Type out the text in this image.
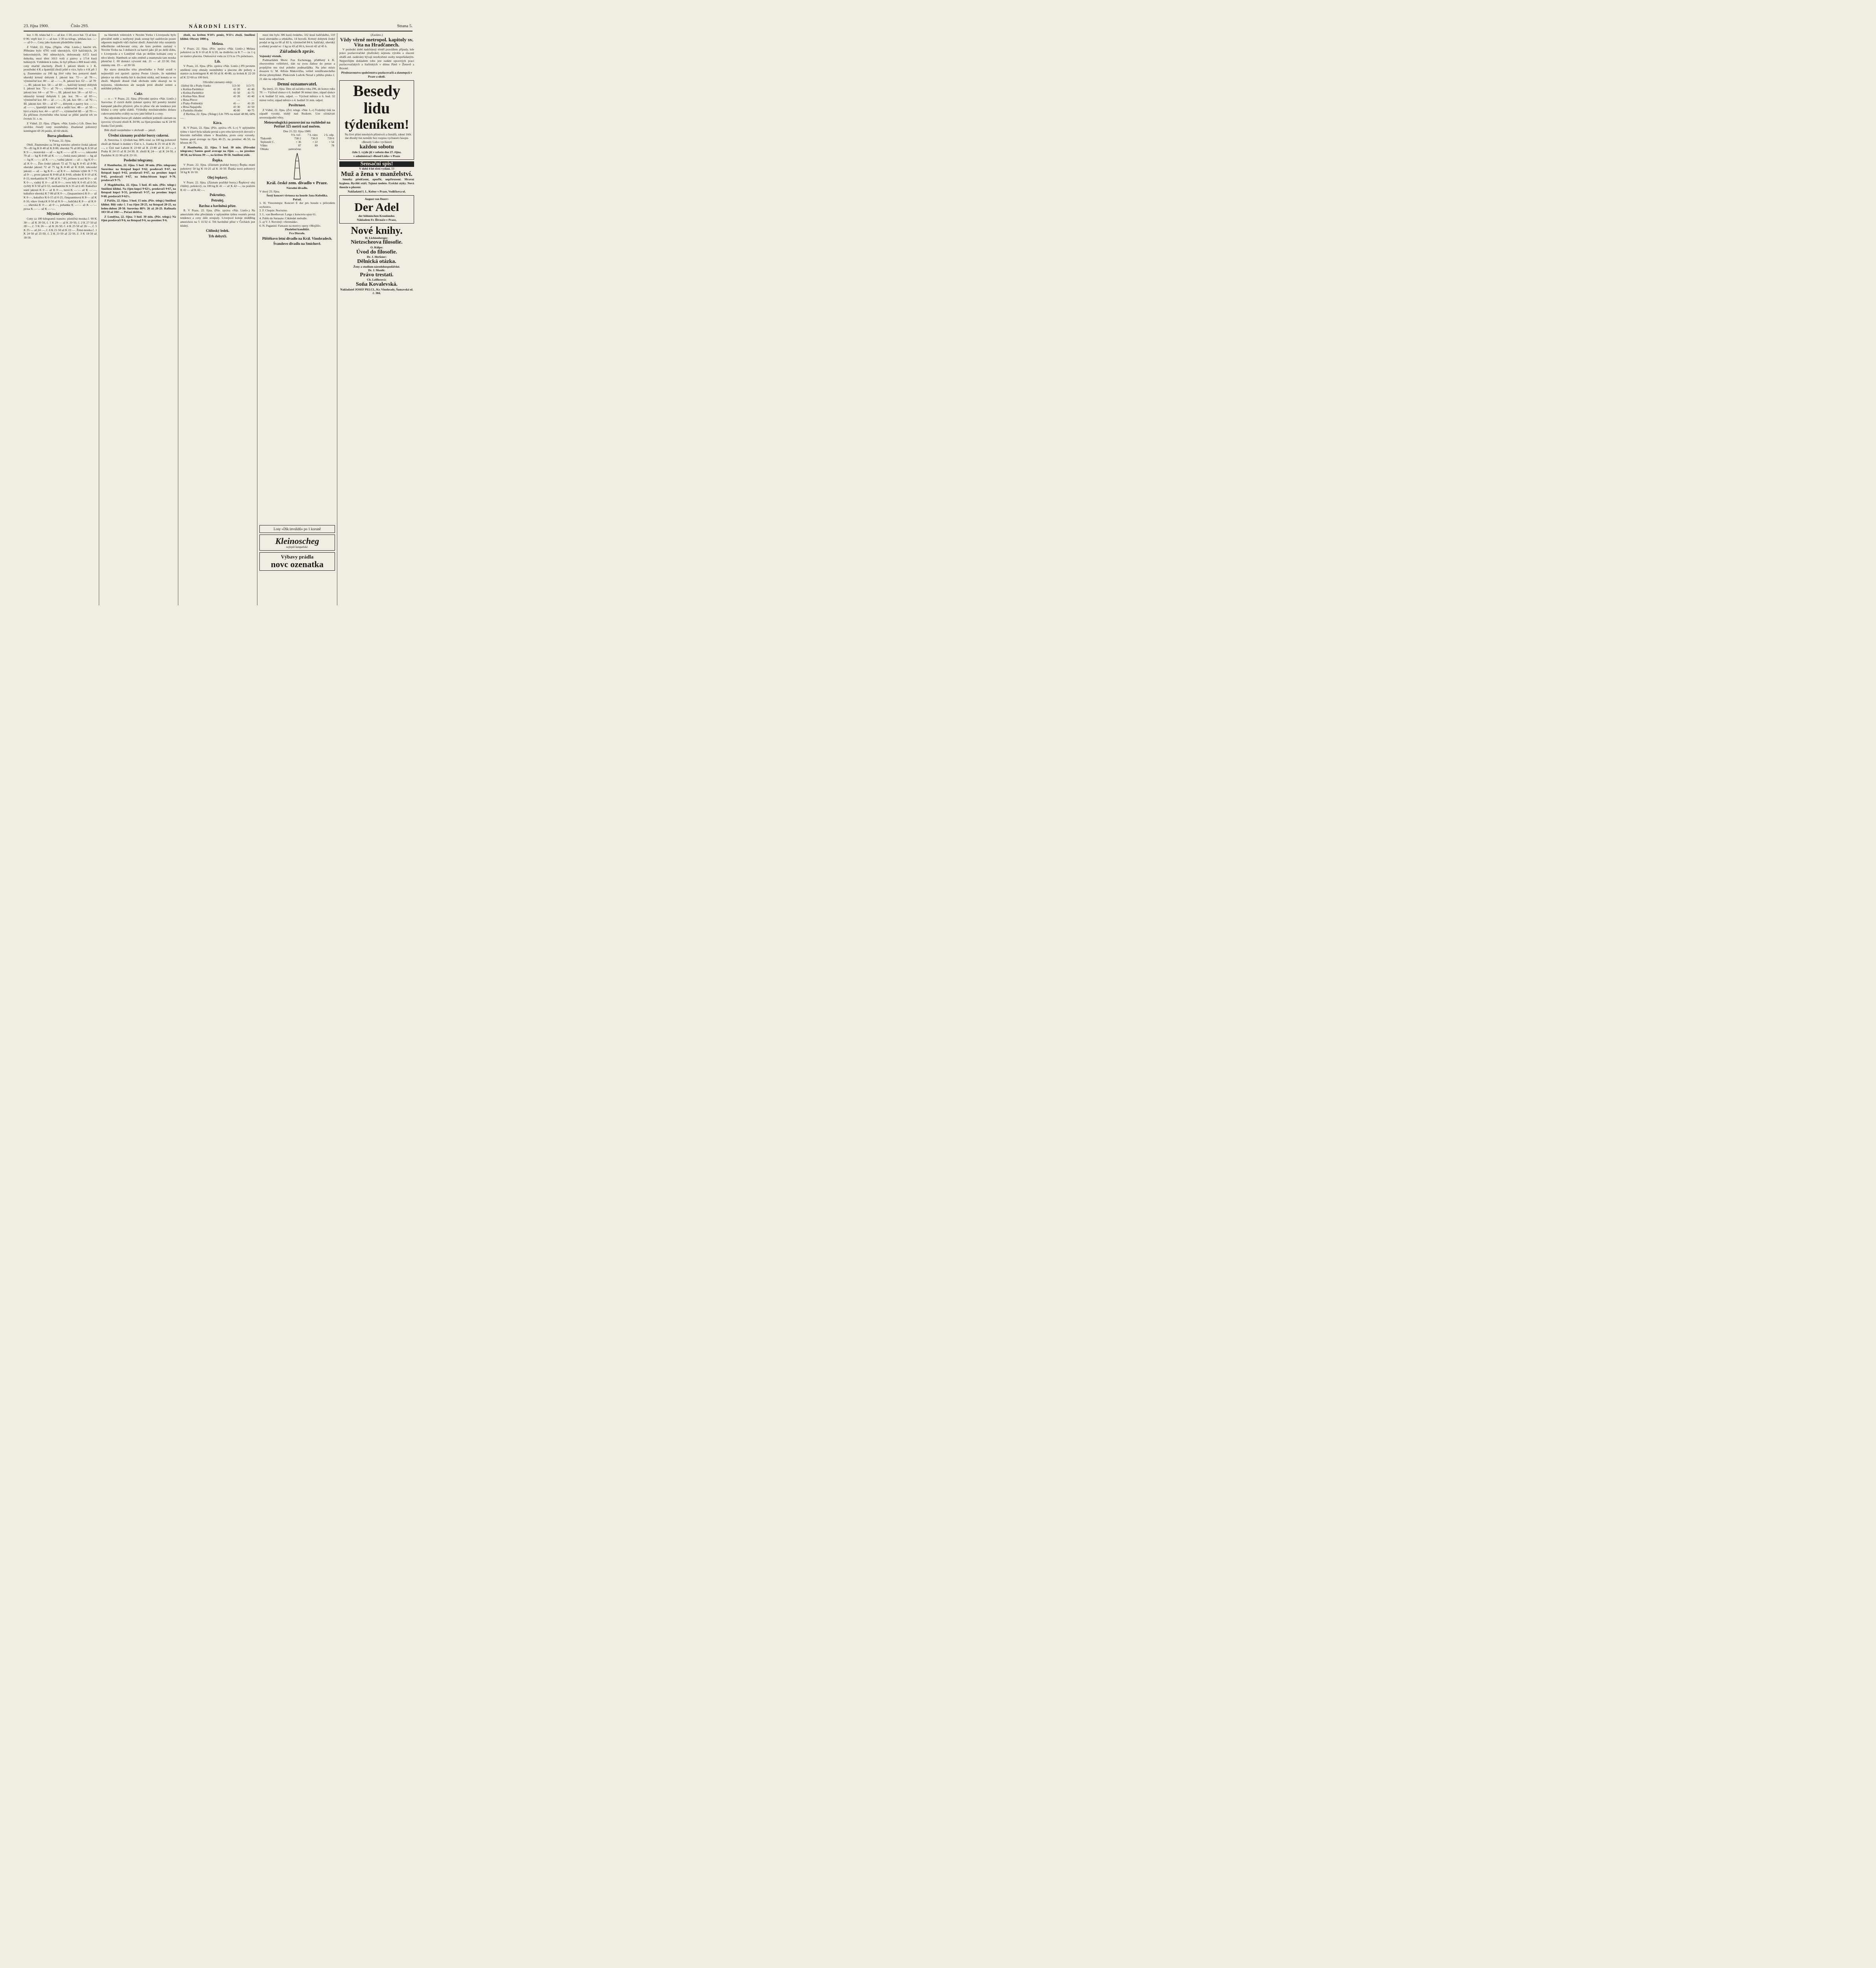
23. října 1900.	Číslo 293.	NÁRODNÍ LISTY.	Strana 5.

kor. 1·30, telata hal 1·— až kor. 1·20, ovce hal. 72 až kor. 0·90, vepři kor. 1·— až kor. 1·30 za kilogr., jehňata kor. —·— až 0·—. Ceny jako koncem předešlého týdne.

Z Vídně, 22. října. (Tlgrm. »Nár. Listů«.) Jateční trh. Přihnáno bylo 4795 volů uherských, 619 haličských, 26 bukovinských, 941 německých, dohromady 6372 kusů dobytka, mezi těmi 1013 volů z pastvy a 1714 kusů hubených. Vzhledem k tomu, že byl příhon o 800 kusů větší, ceny značně zlacinely. Zboží I. jakosti kleslo o 1 K, prostřední 4 K a špatnější zboží ještě o více, bylo o 4 K při 1 q. Znamenáno za 100 kg živé váhy bez potravní daně: uherský krmný dobytek I. jakosti kor. 72·— až 78·—, výminečně kor. 80·— až —·—, II. jakosti kor. 62·— až 70·—, III. jakosti kor. 54·— až 60·—, haličský krmný dobytek I. jakosti kor. 72·— až 76·—, výminečně kor. —·—, II. jakosti kor. 64·— až 70·—, III. jakosti kor. 56·— až 62·—, německý krmný dobytek I. jak. kor. 78·— až 83·—, výminečně kor. 84·— až —·—, II. jak. kor. 68·— až 76·—, III. jakosti kor. 60·— až 67·—, dobytek z pastvy kor. —·— až —·—, špatnější krmní voli a selští kor. 48·— až 58·—, býci a krávy kor. 44·— až 67·—, výminečně 68·— až 70·—. Za příčinou čtvrtečního trhu konal se příští jateční trh ve čtvrtek 31. t. m.

Z Vídně, 22. října. (Tlgrm. »Nár. Listů«.) Líh. Dnes bez závěrku čistalý ceny nezměněny. Znamenal pohotový kontingent 43·20 peněz, 43·60 zboží.

Bursa plodinová.
V Praze, 22. října.

Obilí. Znamenáno za 50 kg transito: pšenice česká jakosti 76—81 kg K 8·40 až K 8·80, uherská 76 až 80 kg K 8·50 až K 9·—, moravská — až — kg K —·— až K —·—, rakouská 79 až — kg K 8·80 až K —·—, česká stará jakosti — kg až — kg K —·— až K —·—, vadná jakost — až — kg K 0·— až K 0·—. Žito české jakosti 72 až 75 kg K 8·45 až 8·90, uherské jakosti 72 až 75 kg K 8·40 až K 8·60, rakouské jakosti — až — kg K 0·— až K 0·—. Ječmen výběr K 7·75 až 9·—, prvni jakosti K 8·60 až K 8·60, střední K 8·10 až K 8·15, merkantilní K 7·80 až K 7·95, ječmen k setí K 0·— až K 0·—, vadný K 0·— až K 0·—, oves bílý K 6·45 až 6·50, rychlý K 6·50 až 6·55, merkantilní K 6·35 až 6·40. Kukuřice staré jakosti K 0·— až K 0·—, nová K —·— až K —·—, kukuřice uherská K 7·80 až K 0·—, činquantinová K 0·— až K 0·—, kukuřice K 6·15 až 6·25, činquantinová K 8·— až K 8·10, vikev česká K 8·50 až K 0·—, haličská K 8·— až K 0·—, uherská K 0·— až 0·—, pohanka K —·— až K —·— prosa K —·— až K —·—.

Mlýnské výrobky.

Ceny za 100 kilogramů transito: pšeničná mouka č. 00 K 30·— až K 30·50, č. 1 K 29·— až K 29·50, č. 2 K 27·50 až 28·—, č. 3 K 26·— až K 26·50, č. 4 K 25·50 až 26·—, č. 5 K 25·— až 24·—, č. 6 K 21·50 až K 22·—. Žitná mouka č. 1 K 24·50 až 25·50, č. 2 K 21·50 až 22·50, č. 3 K 18·50 až 18·50.

na hlavních veletrzích v Novém Yorku i Liverpoolu bylo převážně mdlé a nezbytný jinak sestup byl zadržován pouze odporem majitelů vůči tlačení zboží. Americké trhy oznámily několikráte odchovaná ceny, ale kurs poslem zaslaný v Novém Yorku na 3 dollarech za barrel jako již po delší dobu, v Liverpoolu a v Londýně však po delším kolísání ceny o něco klesly. Hamburk se nálo změnil a znamenala tam mouka pšeničná č. 00 domácí vývozní mk. 21 — až 22·50, čísl. známky mk. 19 — až 20·50.

Ke stavu domácího trhu pšeničného v Peště uvádí v nejnovější své zprávě: zprávy Pester Lloyd«, že nádobná pšenice na trhu mohla být k docílení nízká, než konala se ve zboží. Majitelé dosud však obchodu stále ukazují na tu nejistotu, všeobecnou ale naopak proti dlouhé zemní a neklidné pohybu.

Cukr.

— n — V Praze, 22. října. (Původní zpráva »Nár. Listů«.) Surovina. Z cizích došlé týdenní zprávy líčí poměry letošní kampaně jakožto příznivé, přes to přese vše ale tendence jest klidná a ceny spíše slabší. Výsledky mezinárodního dolazu cukrovarnického sváhly na tyto jaké běžné k a ceny.

Na odpolední burse při slabém smíšlení pohledů záznam za syrovou vývozní zboží K 24·90, za říjen-prosinec na K 24·95 franko Ústí peněz.

Bílé zboží nezměněno v obchodě — jakož.

Úřední záznamy pražské burzy cukerní.

A. Surovina. I. výrobek bas. 88% rend. za 100 kg pohotově zboží ab Sklad: k dodání v Ústí n. L. franko K 25·10 až K 25·—, z Ústí nad Labem K 23·60 až K 23·80 až K 23·—, z Prahy K 24·15 až K 24·30. II. zboží K 24·— až K 24·50, z Pardubic K 22·90 až K 23·10.

Poslední telegramy.

Z Hamburku, 22. října. 5 hod. 30 min. (Pův. telegram) Surovina: na listopad kupci 9·62, prodavači 9·67, na listopad kupci 9·62, prodavači 9·67, na prosinec kupci 9·65, prodavači 9·67, na leden-březen kupci 9·70, prodavači 9·75.

Z Magdeburku, 22. října. 5 hod. 45 min. (Pův. telegr.) Smíšlení klidné. Na říjen kupci 9·62½, prodavači 9·67, na listopad kupci 9·55, prodavači 9·57, na prosinec kupci 9·60, prodavači 9·62½.

Z Paříže, 22. října. 3 hod. 15 min. (Pův. telegr.) Smíšlení klidné. Bílý cukr č. 3 na říjen 28·25, na listopad 28·25, na leden-duben 28·50. Surovina 88% 26 až 26·25. Rafinada 103·50 až 104·—. Počasí deštivo.

Z Londýna, 22. října. 3 hod. 30 min. (Pův. telegr.) Na říjen prodavači 9·6, na listopad 9·6, na prosinec 9·6.

zboží, na květen 9/10¾ peněz, 9/11¼ zboží. Smíšlení klidné. Obraty 1000 q.

Melasa.

V Praze, 22. října. (Pův. zpráva »Nár. Listů«.) Melasa pohotová za K 6·10 až K 6·20, na dodávku za K 7·— za 1 q ze stanice placena. Osmosová voda za 13 h za 1% polarisace.

Líh.

V Praze, 22. října. (Pův. zpráva »Nár. Listů«.) Při pevném smíšlení ceny obstaly nezměněny a placeno dle pohoty a stanice za kontingent K 40·50 až K 40·80, za kvítek K 22·20 až K 22·60 za 100 litrů.

Oficiální záznamy enkji:
čištěný líh z Prahy franko	113·50	113·75
z Kolína-Pardubice	41·20	41·40
z Kolína-Pardubice	41·50	41·75
z Kolína-Nim. Brod	41·20	41·40
z Brna-Přerov	—	—
z Prahy-Podmokly	41·—	41·20
z Brna-Napajedla	41·30	41·50
z Pardubic-Hradec	40·80	40·75

Z Berlína, 22. října. (Telegr.) Líh 70% na místě 48·80, 60% —.

Káva.

B. V Praze, 22. října. (Pův. zpráva »N. L.«) V uplynulém týdnu v kávě byla nálada pevná a pro trhu kávových dovozů v hlavním ústředím trhem v Brazilsku, proto ceny vzrostly. Santos good average na říjen 46·25, na prosinec 46·50, na březen 46·75.

Z Hamburku, 22. října. 5 hod. 30 min. (Původní telegram.) Santos good average na říjen —, na prosinec 38·50, na březen 39·—, na květen 39·50. Smíšlení stálé.

Řepka.

V Praze, 22. října. (Záznam pražské bursy.) Řepka znaní pohotový 50 kg K 16·25 až K 16·50. Řepka nová pohotový 50 kg K 16·50.

Olej řepkový.

V Praze, 22. října. (Záznam pražské bursy.) Řepkový olej čištěný, pohotový, za 100 kg K 41 — až K 42·—, na podzim K 41·— až K 42·—.

Pokrutiny.
Petrolej.
Bavlna a bavlněná příze.

R. V Praze, 22. října. (Pův. zpráva »Nár. Listů«.) Na americkém trhu převládala v uplynulém týdnu vesměs pevná tendence a ceny dále stoupaly. Liverpool kotuje middling americkou na 5 11/32 d. Trh bavlněné příze v Čechách jest klidný.

Chlinský ledek.
Trh dobytčí.

mezi tím bylo 306 kusů českého, 332 kusů haličského, 110 kusů uherského a srbského, 14 bovolů. Krmný dobytek český prodal se kg za 60 až 82 h, výminečně 84 h, haličský, uherský a srbský prodal se: 1 kg za 43 až 66 h, bovoli 42 až 45 h.

Zúřadních zpráv.
Vojenský věstník.

Podmaršálek Moric Fux Eschenegg, přidělený k K. zboroveému velitelství, dán na svou žádost do penze a propůjčen mu titul polního podmaršálka. Na jeho místo dosazen G. M. Alfons Makovička, velitel zeměbraneckého divise přemyšlské. Plukovník Ludvík Nerad z pěšího pluku č. 21 dán na odpočinek.

Denní oznamovatel.

Na úterý, 23. října. Den od začátku roku 296, do konce roku 70. — Východ slunce o 6. hodině 36 minut ráno, západ slunce o 4. hodině 52 min. odpol. — Východ měsíce o 6. hod. 32 minut večer, západ měsíce o 4. hodině 31 min. odpol.

Povětrnost.

Z Vídně, 22. října. (Zvl. telegr. »Nár. L.«) Vzdušný tlak na západě vysoký, nízký nad Ruskem. Uze očekávati severozápadní větry.

Meteorologická pozorování na rozhledně na Petříně 325 metrů nad mořem.
Dne 21./22. října 1900:
	9 h. več.	7 h. ráno	2 h. odp.
Tlakoměr	738·2	736·0	739·6
Teploměr C.	+ 36	+ 22	+ 54
Vlhko	87	89	78
Oblaka	zamračeno		
Král. české zem. divadlo v Praze.
Národní divadlo.
V úterý 23. října.
Šestý koncert virtuosa na housle Jana Kubelíka.
Pořad.
1. H. Vieuxtemps: Koncert E dur pro housle s průvodem orchestru.
2. F. Chopin: Nocturno.
3. L. van Beethoven: Largo z koncertu opus 61.
4. Pablo de Sarasate: Cikánské melodie.
5. a) V. J. Novotný: »Serenáda«.
6. N. Paganini: Fantasie na motivy opery »Mojžíš«.
Zkušební kandidát.
Fra Diavolo.
Plištěkovo letní divadlo na Král. Vinohradech.
Švandovo divadlo na Smíchově.
(Zasláno.)
Vždy věrně metropol. kapitoly sv. Víta na Hradčanech.

V poslední době nadcházejí téměř pravidlem případy, kde práce pozlacovačské (štafirské) sejmuta výrobu a zlacení oltářů atd. zadávány bývají nezdvořené osoby nespořádaným. Nejpovšijím dokladem toho jest zadání opravných prací pozlacovačských a štafírských v dómu Páně v Ženevě a Brzoně.

Představenstvo společenstva pozlacovačů a zlatotepců v Praze a okolí.
Besedy
lidu
týdeníkem!

Na živé přání mnohých příznivců a čtenářů, zdené 160t. dat dlouhý list nemůže bez rozpisu vycházeti časopis »Besedy Lidu« vycházeti

každou sobotu
číslo 1. vyjde již v sobotu dne 27. října.
v administraci »Besed Lidu« v Praze
Sensační spis!
V době 4 let třetí vydání. !!!
Muž a žena v manželství.

Smutky předčasné, opoďlé, nepřirozené. Mravní hygiena. Rychlé stáří. Tajuná toulete. Fysické styky. Nová theorie o plození.

Nakladatel I. L. Kober v Praze, Vodičkova ul.
August von Doerr:
Der Adel
der böhmischen Kronländer.
Nákladem Fr. Řivnáče v Praze,
Nové knihy.
H. Lichtenberger:
Nietzscheova filosofie.
O. Külpe:
Úvod do filosofie.
Dr. J. Herkner:
Dělnická otázka.
Ženy a studium národohospodářské.
Dr. J. Moník:
Právo trestati.
Ch. Lefflerová:
Soňa Kovalevská.
Nakladatel JOSEF PELCL, Kr. Vinohrady, Šumavská ul. č. 384.
Losy »Dík invalidů« po 1 koruně
Kleinoscheg
nejlepší šampaňské.
Výbavy prádla
novc ozenatka
